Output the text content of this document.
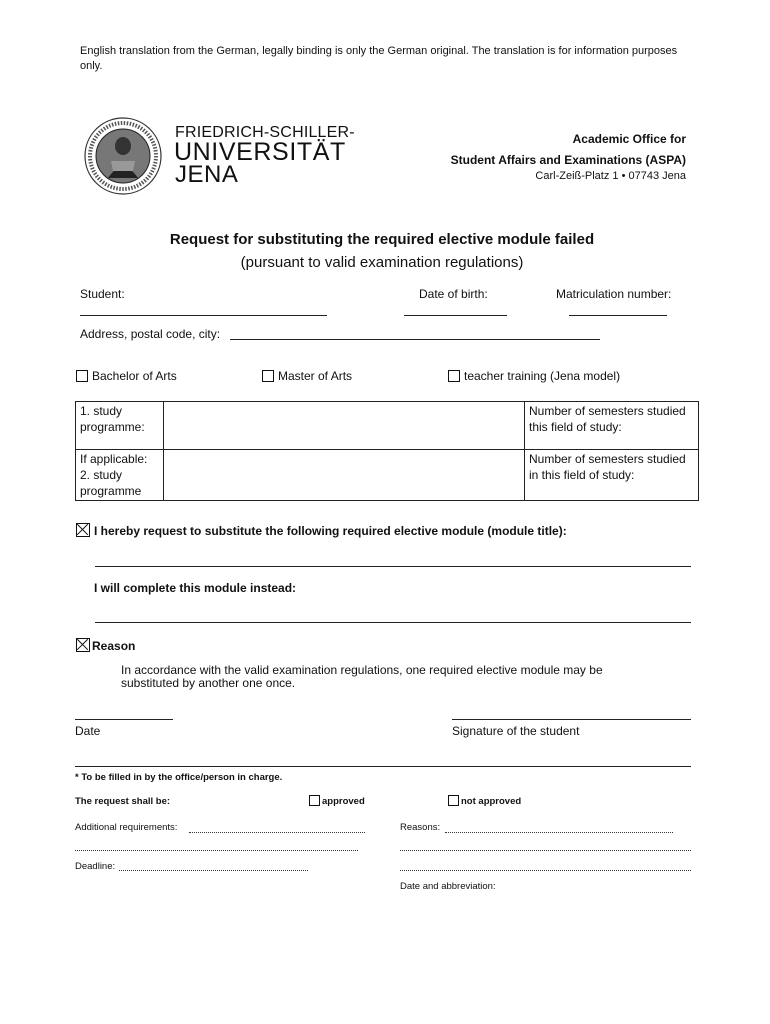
English translation from the German, legally binding is only the German original. The translation is for information purposes only.
FRIEDRICH-SCHILLER-
UNIVERSITÄT
JENA
Academic Office for
Student Affairs and Examinations (ASPA)
Carl-Zeiß-Platz 1 • 07743 Jena
Request for substituting the required elective module failed
(pursuant to valid examination regulations)
Student:	Date of birth:	Matriculation number:
Address, postal code, city:
Bachelor of Arts	Master of Arts	teacher training (Jena model)
1. study programme:		Number of semesters studied this field of study:
If applicable: 2. study programme		Number of semesters studied in this field of study:
I hereby request to substitute the following required elective module (module title):
I will complete this module instead:
Reason
In accordance with the valid examination regulations, one required elective module may be substituted by another one once.
Date	Signature of the student
* To be filled in by the office/person in charge.
The request shall be:	approved	not approved
Additional requirements:	Reasons:
Deadline:
Date and abbreviation:
